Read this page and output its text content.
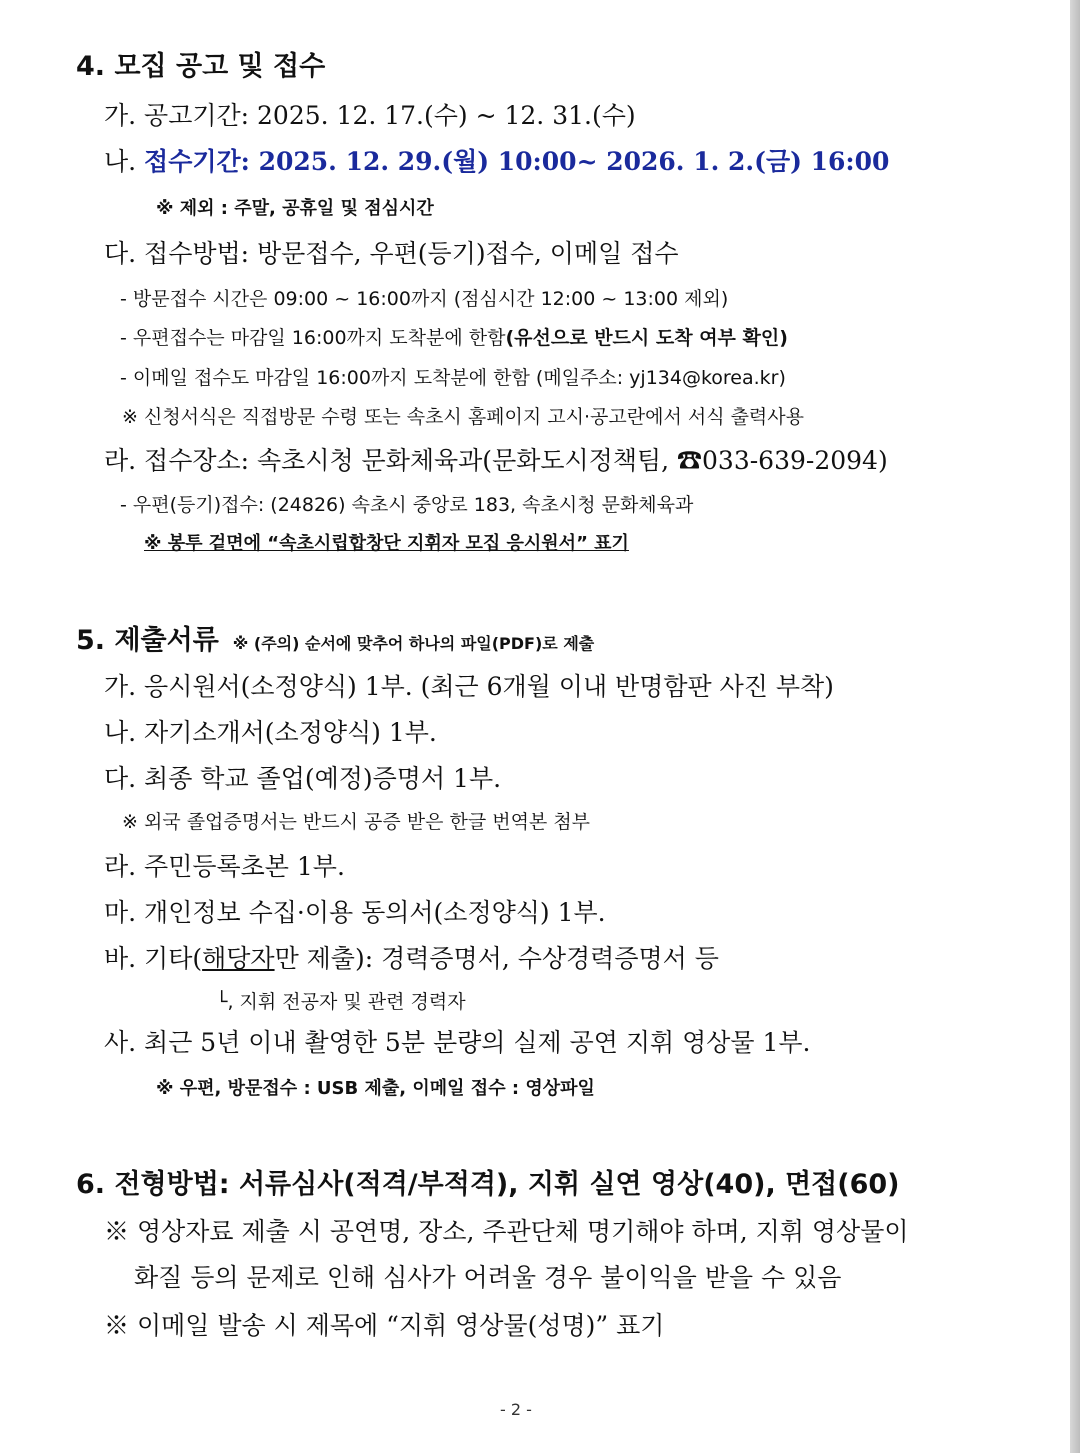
4. 모집 공고 및 접수
가. 공고기간: 2025. 12. 17.(수) ~ 12. 31.(수)
나. 접수기간: 2025. 12. 29.(월) 10:00~ 2026. 1. 2.(금) 16:00
※ 제외 : 주말, 공휴일 및 점심시간
다. 접수방법: 방문접수, 우편(등기)접수, 이메일 접수
- 방문접수 시간은 09:00 ~ 16:00까지 (점심시간 12:00 ~ 13:00 제외)
- 우편접수는 마감일 16:00까지 도착분에 한함(유선으로 반드시 도착 여부 확인)
- 이메일 접수도 마감일 16:00까지 도착분에 한함 (메일주소: yj134@korea.kr)
※ 신청서식은 직접방문 수령 또는 속초시 홈페이지 고시·공고란에서 서식 출력사용
라. 접수장소: 속초시청 문화체육과(문화도시정책팀, ☎033-639-2094)
- 우편(등기)접수: (24826) 속초시 중앙로 183, 속초시청 문화체육과
※ 봉투 겉면에 “속초시립합창단 지휘자 모집 응시원서” 표기
5. 제출서류 ※ (주의) 순서에 맞추어 하나의 파일(PDF)로 제출
가. 응시원서(소정양식) 1부. (최근 6개월 이내 반명함판 사진 부착)
나. 자기소개서(소정양식) 1부.
다. 최종 학교 졸업(예정)증명서 1부.
※ 외국 졸업증명서는 반드시 공증 받은 한글 번역본 첨부
라. 주민등록초본 1부.
마. 개인정보 수집·이용 동의서(소정양식) 1부.
바. 기타(해당자만 제출): 경력증명서, 수상경력증명서 등
└, 지휘 전공자 및 관련 경력자
사. 최근 5년 이내 촬영한 5분 분량의 실제 공연 지휘 영상물 1부.
※ 우편, 방문접수 : USB 제출, 이메일 접수 : 영상파일
6. 전형방법: 서류심사(적격/부적격), 지휘 실연 영상(40), 면접(60)
※ 영상자료 제출 시 공연명, 장소, 주관단체 명기해야 하며, 지휘 영상물이
화질 등의 문제로 인해 심사가 어려울 경우 불이익을 받을 수 있음
※ 이메일 발송 시 제목에 “지휘 영상물(성명)” 표기
- 2 -
